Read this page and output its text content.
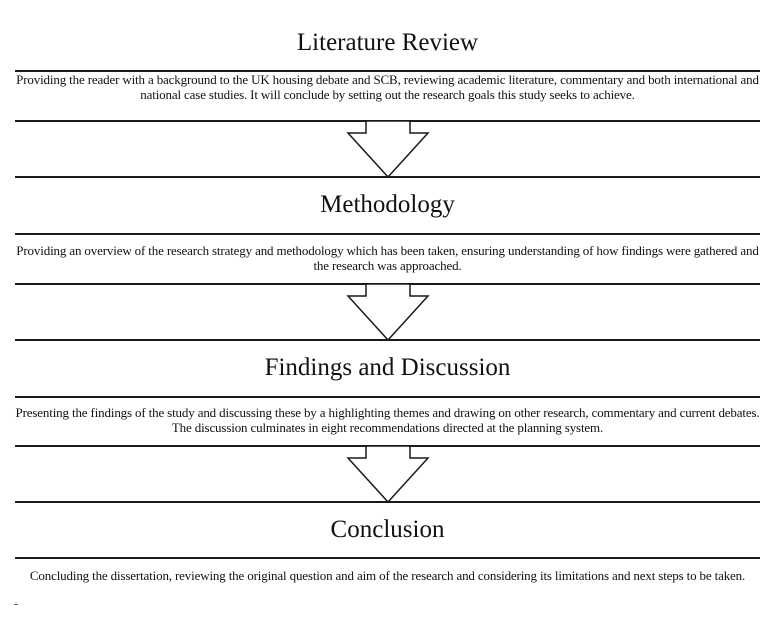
Literature Review
Providing the reader with a background to the UK housing debate and SCB, reviewing academic literature, commentary and both international and national case studies. It will conclude by setting out the research goals this study seeks to achieve.
Methodology
Providing an overview of the research strategy and methodology which has been taken, ensuring understanding of how findings were gathered and the research was approached.
Findings and Discussion
Presenting the findings of the study and discussing these by a highlighting themes and drawing on other research, commentary and current debates. The discussion culminates in eight recommendations directed at the planning system.
Conclusion
Concluding the dissertation, reviewing the original question and aim of the research and considering its limitations and next steps to be taken.
